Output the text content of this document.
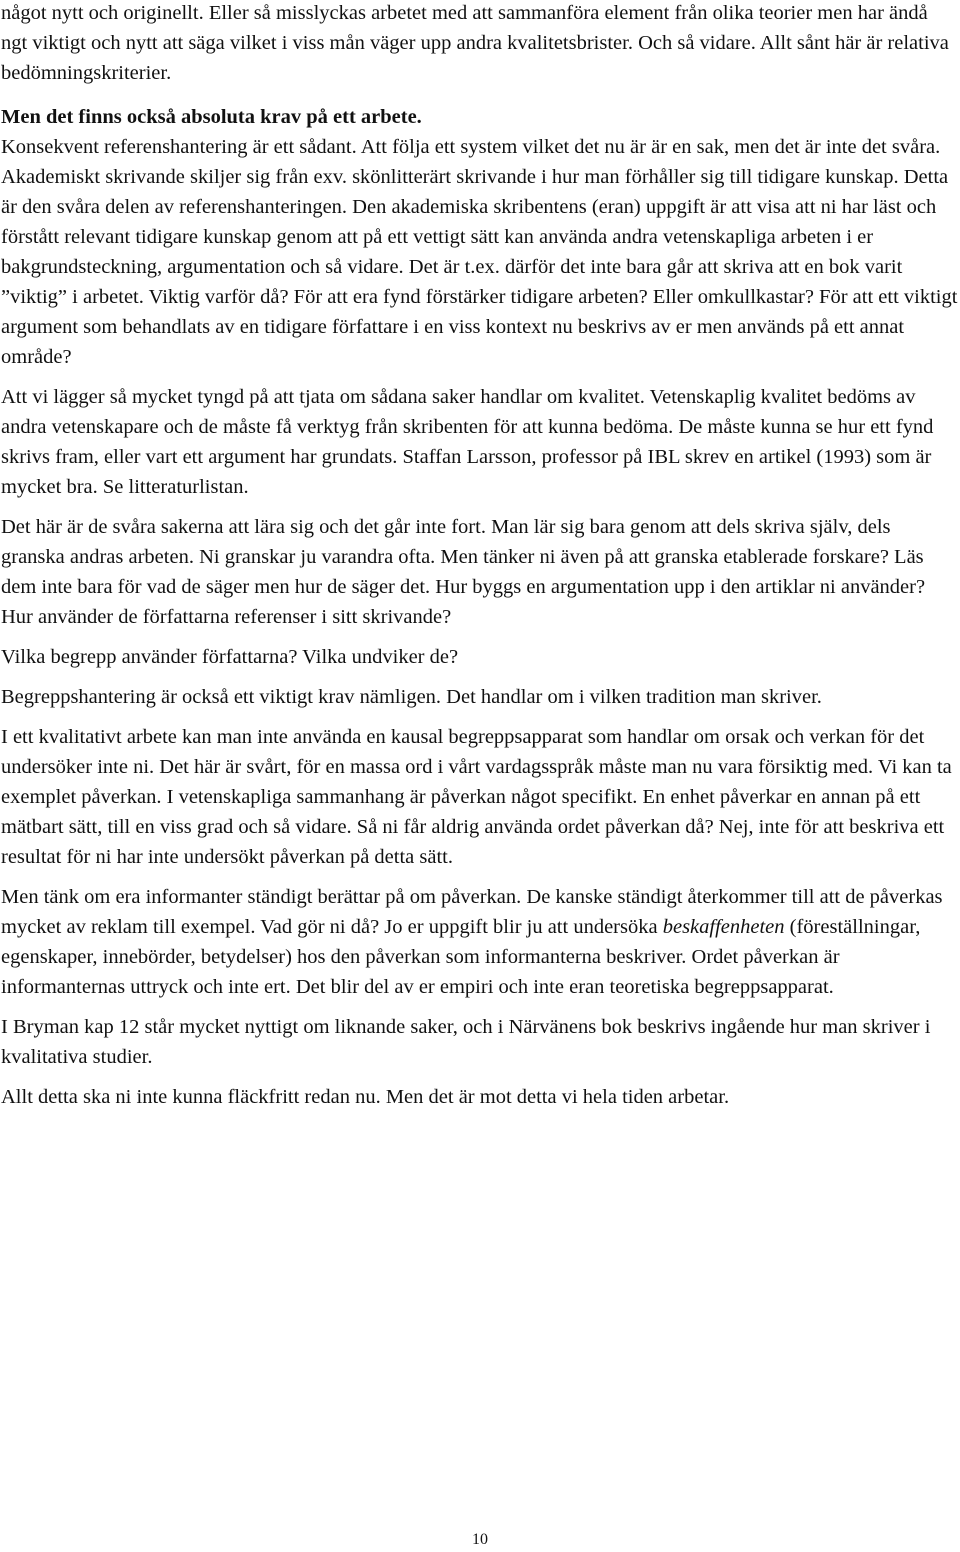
något nytt och originellt. Eller så misslyckas arbetet med att sammanföra element från olika teorier men har ändå ngt viktigt och nytt att säga vilket i viss mån väger upp andra kvalitetsbrister. Och så vidare. Allt sånt här är relativa bedömningskriterier.

Men det finns också absoluta krav på ett arbete.

Konsekvent referenshantering är ett sådant. Att följa ett system vilket det nu är är en sak, men det är inte det svåra. Akademiskt skrivande skiljer sig från exv. skönlitterärt skrivande i hur man förhåller sig till tidigare kunskap. Detta är den svåra delen av referenshanteringen. Den akademiska skribentens (eran) uppgift är att visa att ni har läst och förstått relevant tidigare kunskap genom att på ett vettigt sätt kan använda andra vetenskapliga arbeten i er bakgrundsteckning, argumentation och så vidare. Det är t.ex. därför det inte bara går att skriva att en bok varit ”viktig” i arbetet. Viktig varför då? För att era fynd förstärker tidigare arbeten? Eller omkullkastar? För att ett viktigt argument som behandlats av en tidigare författare i en viss kontext nu beskrivs av er men används på ett annat område?

Att vi lägger så mycket tyngd på att tjata om sådana saker handlar om kvalitet. Vetenskaplig kvalitet bedöms av andra vetenskapare och de måste få verktyg från skribenten för att kunna bedöma. De måste kunna se hur ett fynd skrivs fram, eller vart ett argument har grundats. Staffan Larsson, professor på IBL skrev en artikel (1993) som är mycket bra. Se litteraturlistan.

Det här är de svåra sakerna att lära sig och det går inte fort. Man lär sig bara genom att dels skriva själv, dels granska andras arbeten. Ni granskar ju varandra ofta. Men tänker ni även på att granska etablerade forskare? Läs dem inte bara för vad de säger men hur de säger det. Hur byggs en argumentation upp i den artiklar ni använder? Hur använder de författarna referenser i sitt skrivande?

Vilka begrepp använder författarna? Vilka undviker de?

Begreppshantering är också ett viktigt krav nämligen. Det handlar om i vilken tradition man skriver.

I ett kvalitativt arbete kan man inte använda en kausal begreppsapparat som handlar om orsak och verkan för det undersöker inte ni. Det här är svårt, för en massa ord i vårt vardagsspråk måste man nu vara försiktig med. Vi kan ta exemplet påverkan. I vetenskapliga sammanhang är påverkan något specifikt. En enhet påverkar en annan på ett mätbart sätt, till en viss grad och så vidare. Så ni får aldrig använda ordet påverkan då? Nej, inte för att beskriva ett resultat för ni har inte undersökt påverkan på detta sätt.

Men tänk om era informanter ständigt berättar på om påverkan. De kanske ständigt återkommer till att de påverkas mycket av reklam till exempel. Vad gör ni då? Jo er uppgift blir ju att undersöka beskaffenheten (föreställningar, egenskaper, innebörder, betydelser) hos den påverkan som informanterna beskriver. Ordet påverkan är informanternas uttryck och inte ert. Det blir del av er empiri och inte eran teoretiska begreppsapparat.

I Bryman kap 12 står mycket nyttigt om liknande saker, och i Närvänens bok beskrivs ingående hur man skriver i kvalitativa studier.

Allt detta ska ni inte kunna fläckfritt redan nu. Men det är mot detta vi hela tiden arbetar.

10
